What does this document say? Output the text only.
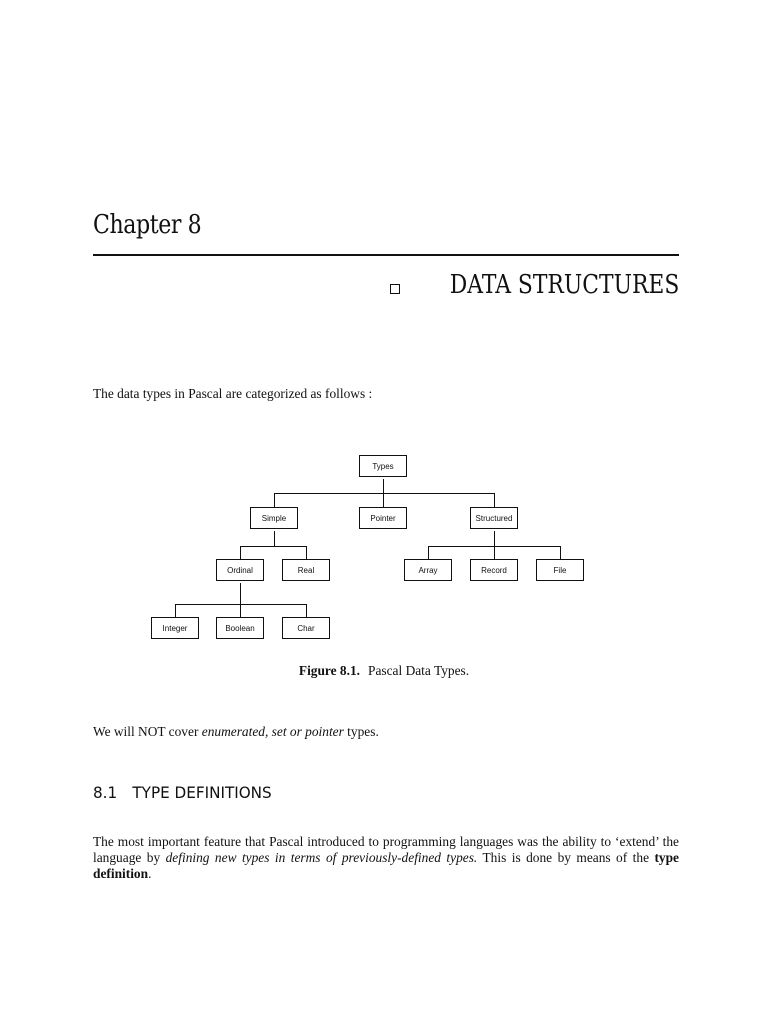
Chapter 8
DATA STRUCTURES
The data types in Pascal are categorized as follows :
Types
Simple	Pointer	Structured
Ordinal	Real	Array	Record	File
Integer	Boolean	Char
Figure 8.1. Pascal Data Types.
We will NOT cover enumerated, set or pointer types.
8.1 TYPE DEFINITIONS
The most important feature that Pascal introduced to programming languages was the ability to ‘extend’ the language by defining new types in terms of previously-defined types. This is done by means of the type definition.
